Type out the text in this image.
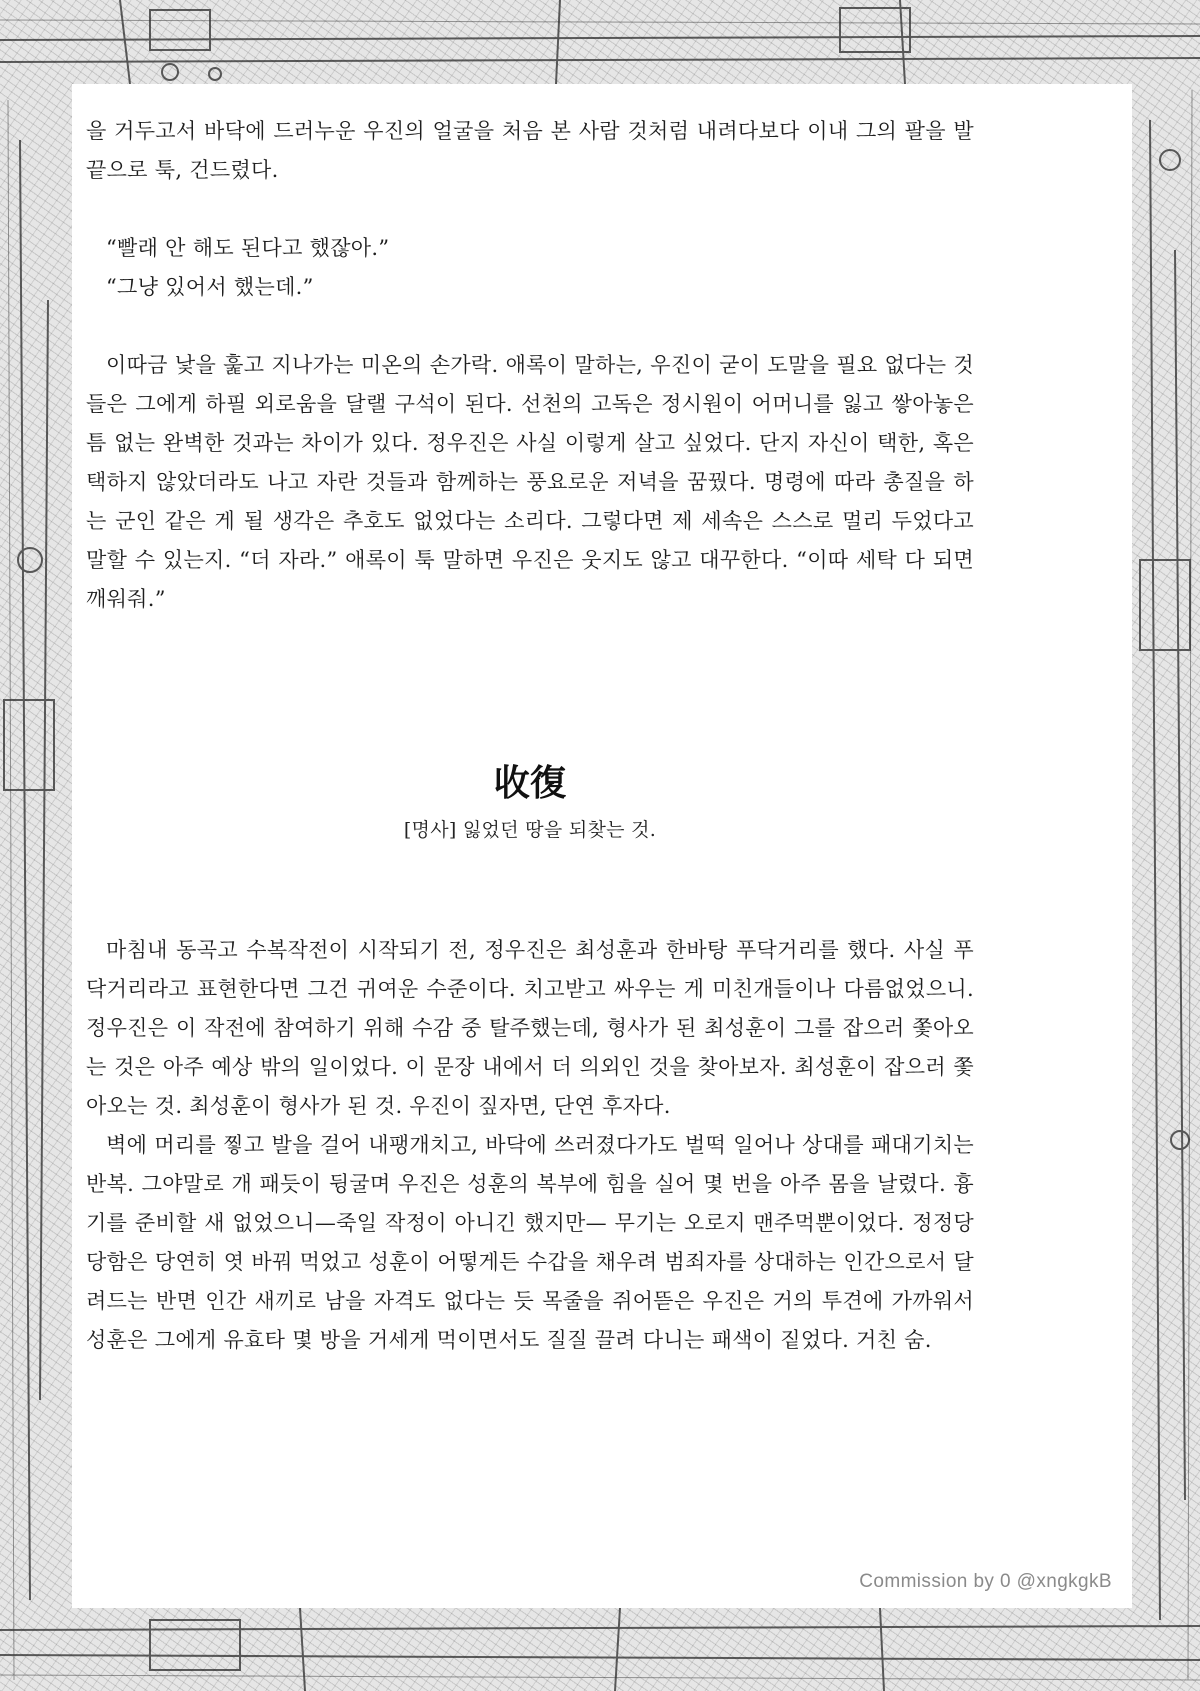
을 거두고서 바닥에 드러누운 우진의 얼굴을 처음 본 사람 것처럼 내려다보다 이내 그의 팔을 발끝으로 툭, 건드렸다.

“빨래 안 해도 된다고 했잖아.”

“그냥 있어서 했는데.”

이따금 낯을 훑고 지나가는 미온의 손가락. 애록이 말하는, 우진이 굳이 도말을 필요 없다는 것들은 그에게 하필 외로움을 달랠 구석이 된다. 선천의 고독은 정시원이 어머니를 잃고 쌓아놓은 틈 없는 완벽한 것과는 차이가 있다. 정우진은 사실 이렇게 살고 싶었다. 단지 자신이 택한, 혹은 택하지 않았더라도 나고 자란 것들과 함께하는 풍요로운 저녁을 꿈꿨다. 명령에 따라 총질을 하는 군인 같은 게 될 생각은 추호도 없었다는 소리다. 그렇다면 제 세속은 스스로 멀리 두었다고 말할 수 있는지. “더 자라.” 애록이 툭 말하면 우진은 웃지도 않고 대꾸한다. “이따 세탁 다 되면 깨워줘.”

收復

[명사] 잃었던 땅을 되찾는 것.

마침내 동곡고 수복작전이 시작되기 전, 정우진은 최성훈과 한바탕 푸닥거리를 했다. 사실 푸닥거리라고 표현한다면 그건 귀여운 수준이다. 치고받고 싸우는 게 미친개들이나 다름없었으니. 정우진은 이 작전에 참여하기 위해 수감 중 탈주했는데, 형사가 된 최성훈이 그를 잡으러 쫓아오는 것은 아주 예상 밖의 일이었다. 이 문장 내에서 더 의외인 것을 찾아보자. 최성훈이 잡으러 쫓아오는 것. 최성훈이 형사가 된 것. 우진이 짚자면, 단연 후자다.

벽에 머리를 찧고 발을 걸어 내팽개치고, 바닥에 쓰러졌다가도 벌떡 일어나 상대를 패대기치는 반복. 그야말로 개 패듯이 뒹굴며 우진은 성훈의 복부에 힘을 실어 몇 번을 아주 몸을 날렸다. 흉기를 준비할 새 없었으니—죽일 작정이 아니긴 했지만— 무기는 오로지 맨주먹뿐이었다. 정정당당함은 당연히 엿 바꿔 먹었고 성훈이 어떻게든 수갑을 채우려 범죄자를 상대하는 인간으로서 달려드는 반면 인간 새끼로 남을 자격도 없다는 듯 목줄을 쥐어뜯은 우진은 거의 투견에 가까워서 성훈은 그에게 유효타 몇 방을 거세게 먹이면서도 질질 끌려 다니는 패색이 짙었다. 거친 숨.

Commission by 0 @xngkgkB
